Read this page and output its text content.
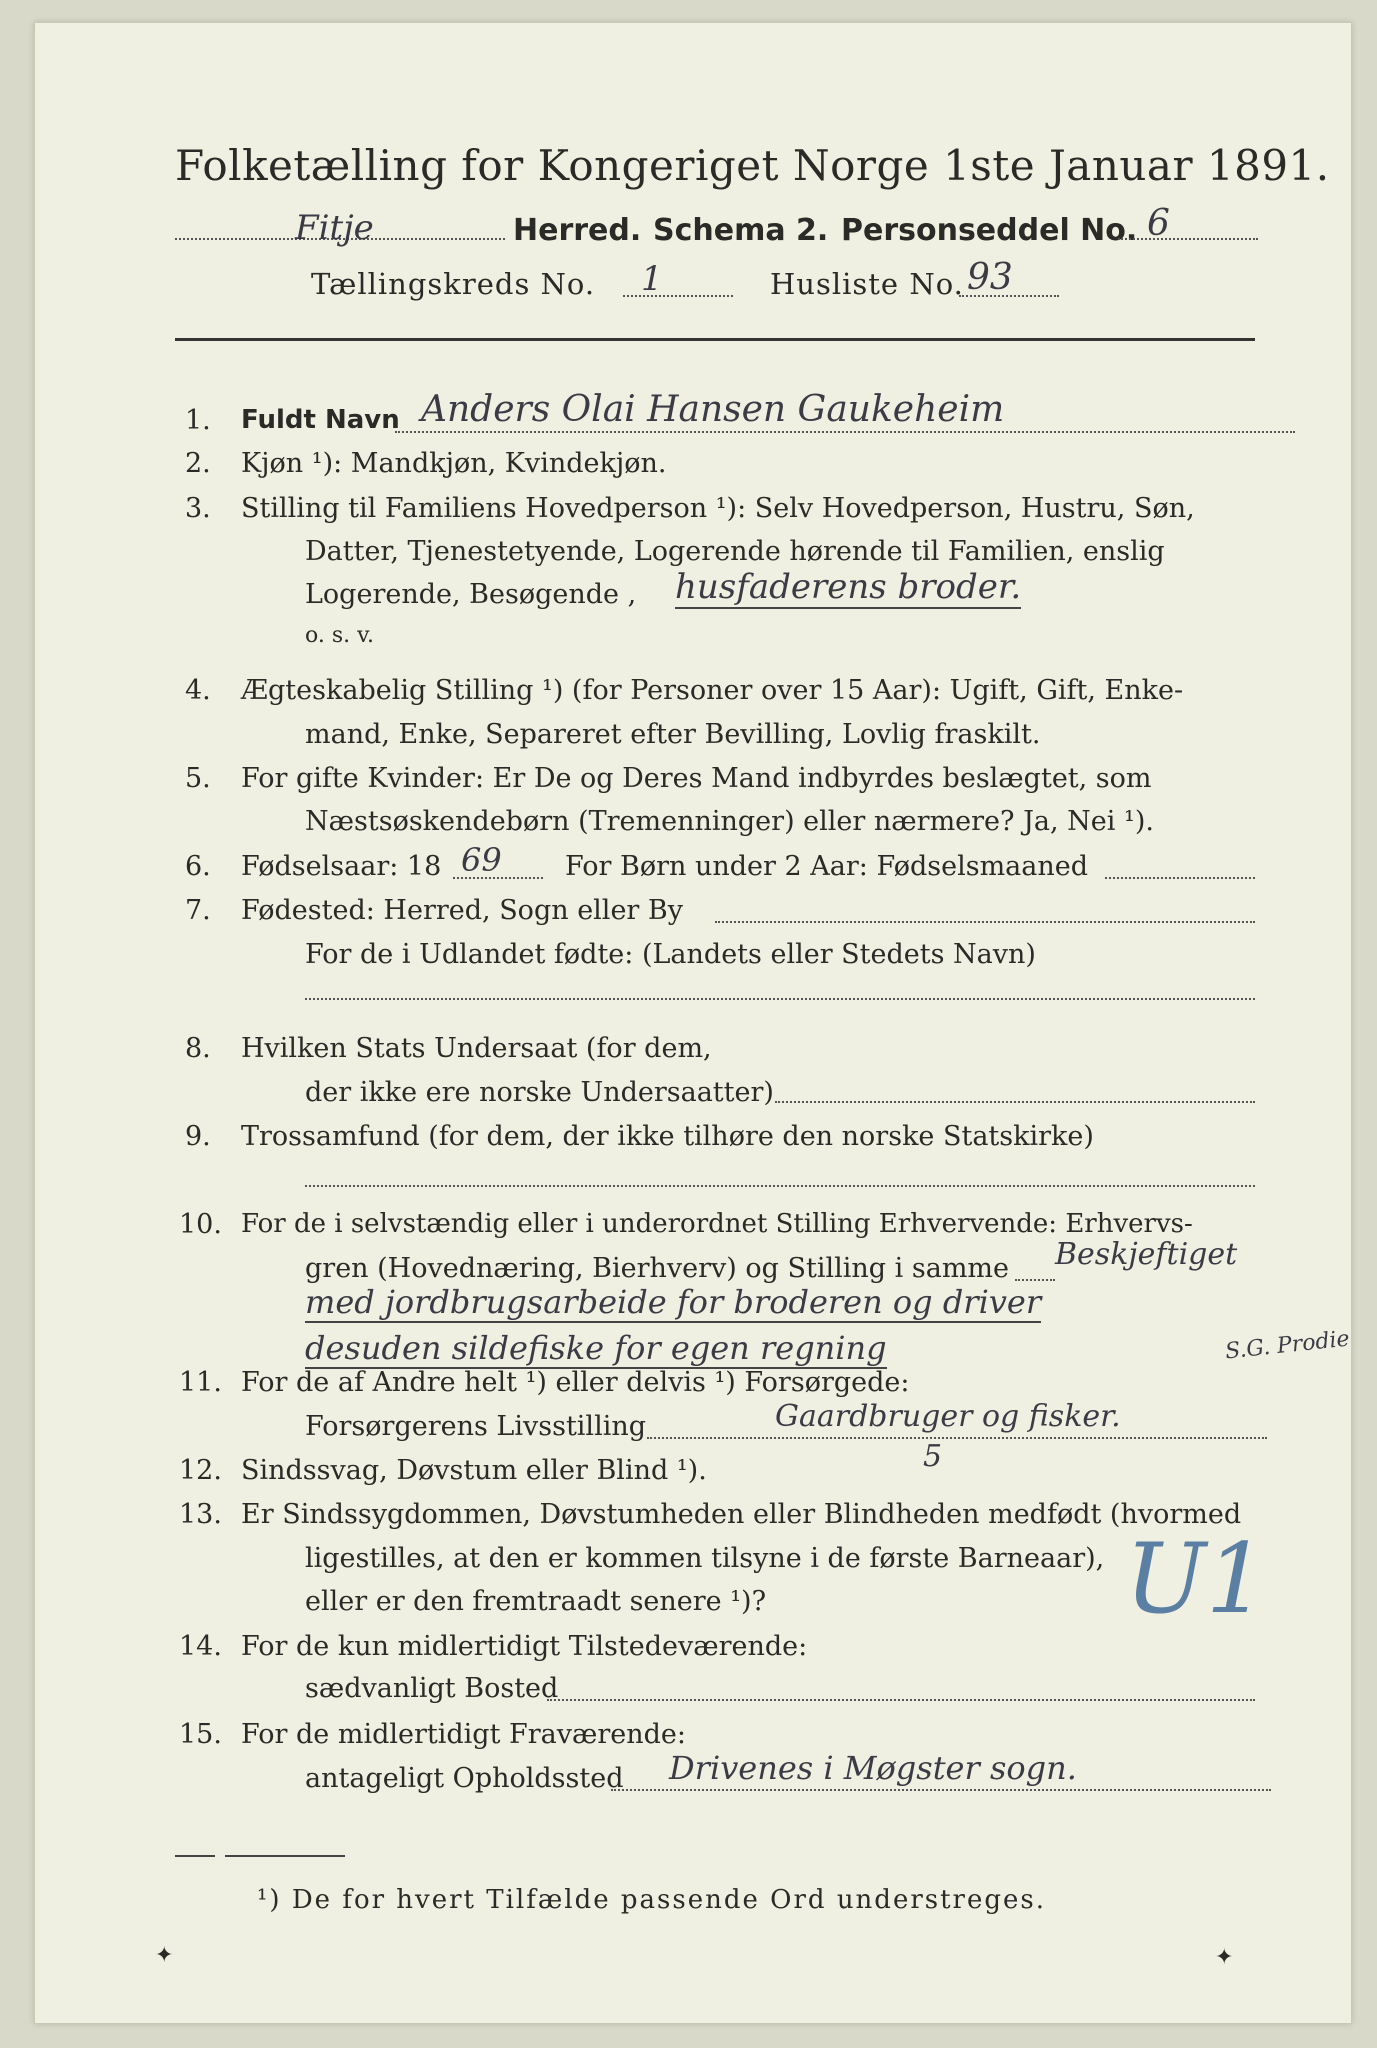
Folketælling for Kongeriget Norge 1ste Januar 1891.
Fitje	Herred. Schema 2. Personseddel No. 6
Tællingskreds No. 1	Husliste No. 93
1. Fuldt Navn Anders Olai Hansen Gaukeheim
2. Kjøn ¹): Mandkjøn, Kvindekjøn.
3. Stilling til Familiens Hovedperson ¹): Selv Hovedperson, Hustru, Søn,
Datter, Tjenestetyende, Logerende hørende til Familien, enslig
Logerende, Besøgende , husfaderens broder.
o. s. v.
4. Ægteskabelig Stilling ¹) (for Personer over 15 Aar): Ugift, Gift, Enke-
mand, Enke, Separeret efter Bevilling, Lovlig fraskilt.
5. For gifte Kvinder: Er De og Deres Mand indbyrdes beslægtet, som
Næstsøskendebørn (Tremenninger) eller nærmere? Ja, Nei ¹).
6. Fødselsaar: 18 69 For Børn under 2 Aar: Fødselsmaaned
7. Fødested: Herred, Sogn eller By
For de i Udlandet fødte: (Landets eller Stedets Navn)
8. Hvilken Stats Undersaat (for dem,
der ikke ere norske Undersaatter)
9. Trossamfund (for dem, der ikke tilhøre den norske Statskirke)
10. For de i selvstændig eller i underordnet Stilling Erhvervende: Erhvervs-
gren (Hovednæring, Bierhverv) og Stilling i samme Beskjeftiget
med jordbrugsarbeide for broderen og driver
desuden sildefiske for egen regning	S.G. Prodie
11. For de af Andre helt ¹) eller delvis ¹) Forsørgede:
Forsørgerens Livsstilling	Gaardbruger og fisker.
5
12. Sindssvag, Døvstum eller Blind ¹).
13. Er Sindssygdommen, Døvstumheden eller Blindheden medfødt (hvormed
ligestilles, at den er kommen tilsyne i de første Barneaar),
eller er den fremtraadt senere ¹)?	U1
14. For de kun midlertidigt Tilstedeværende:
sædvanligt Bosted
15. For de midlertidigt Fraværende:
antageligt Opholdssted Drivenes i Møgster sogn.
¹) De for hvert Tilfælde passende Ord understreges.
✦	✦
